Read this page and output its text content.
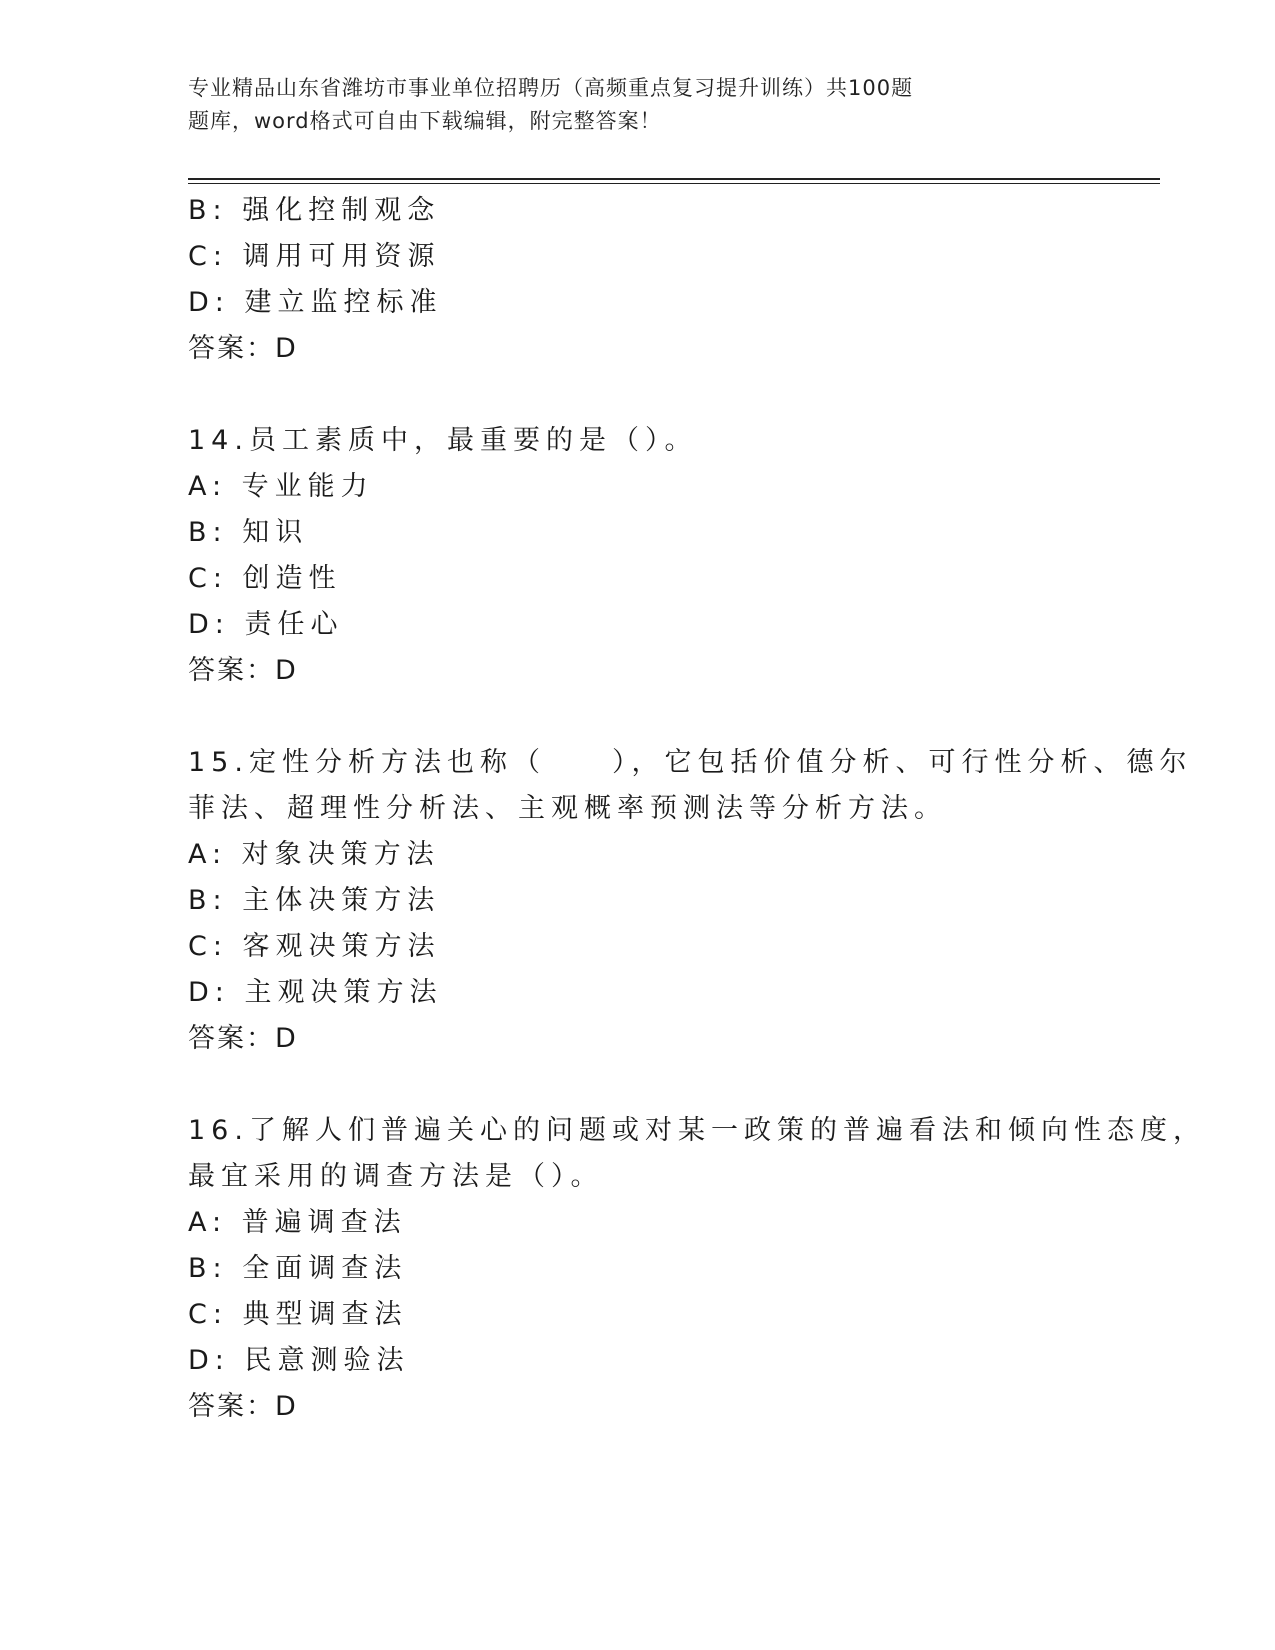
专业精品山东省潍坊市事业单位招聘历（高频重点复习提升训练）共100题
题库，word格式可自由下载编辑，附完整答案！
B: 强化控制观念
C: 调用可用资源
D: 建立监控标准
答案：D
14.员工素质中，最重要的是（）。
A: 专业能力
B: 知识
C: 创造性
D: 责任心
答案：D
15.定性分析方法也称（　　），它包括价值分析、可行性分析、德尔
菲法、超理性分析法、主观概率预测法等分析方法。
A: 对象决策方法
B: 主体决策方法
C: 客观决策方法
D: 主观决策方法
答案：D
16.了解人们普遍关心的问题或对某一政策的普遍看法和倾向性态度，
最宜采用的调查方法是（）。
A: 普遍调查法
B: 全面调查法
C: 典型调查法
D: 民意测验法
答案：D
